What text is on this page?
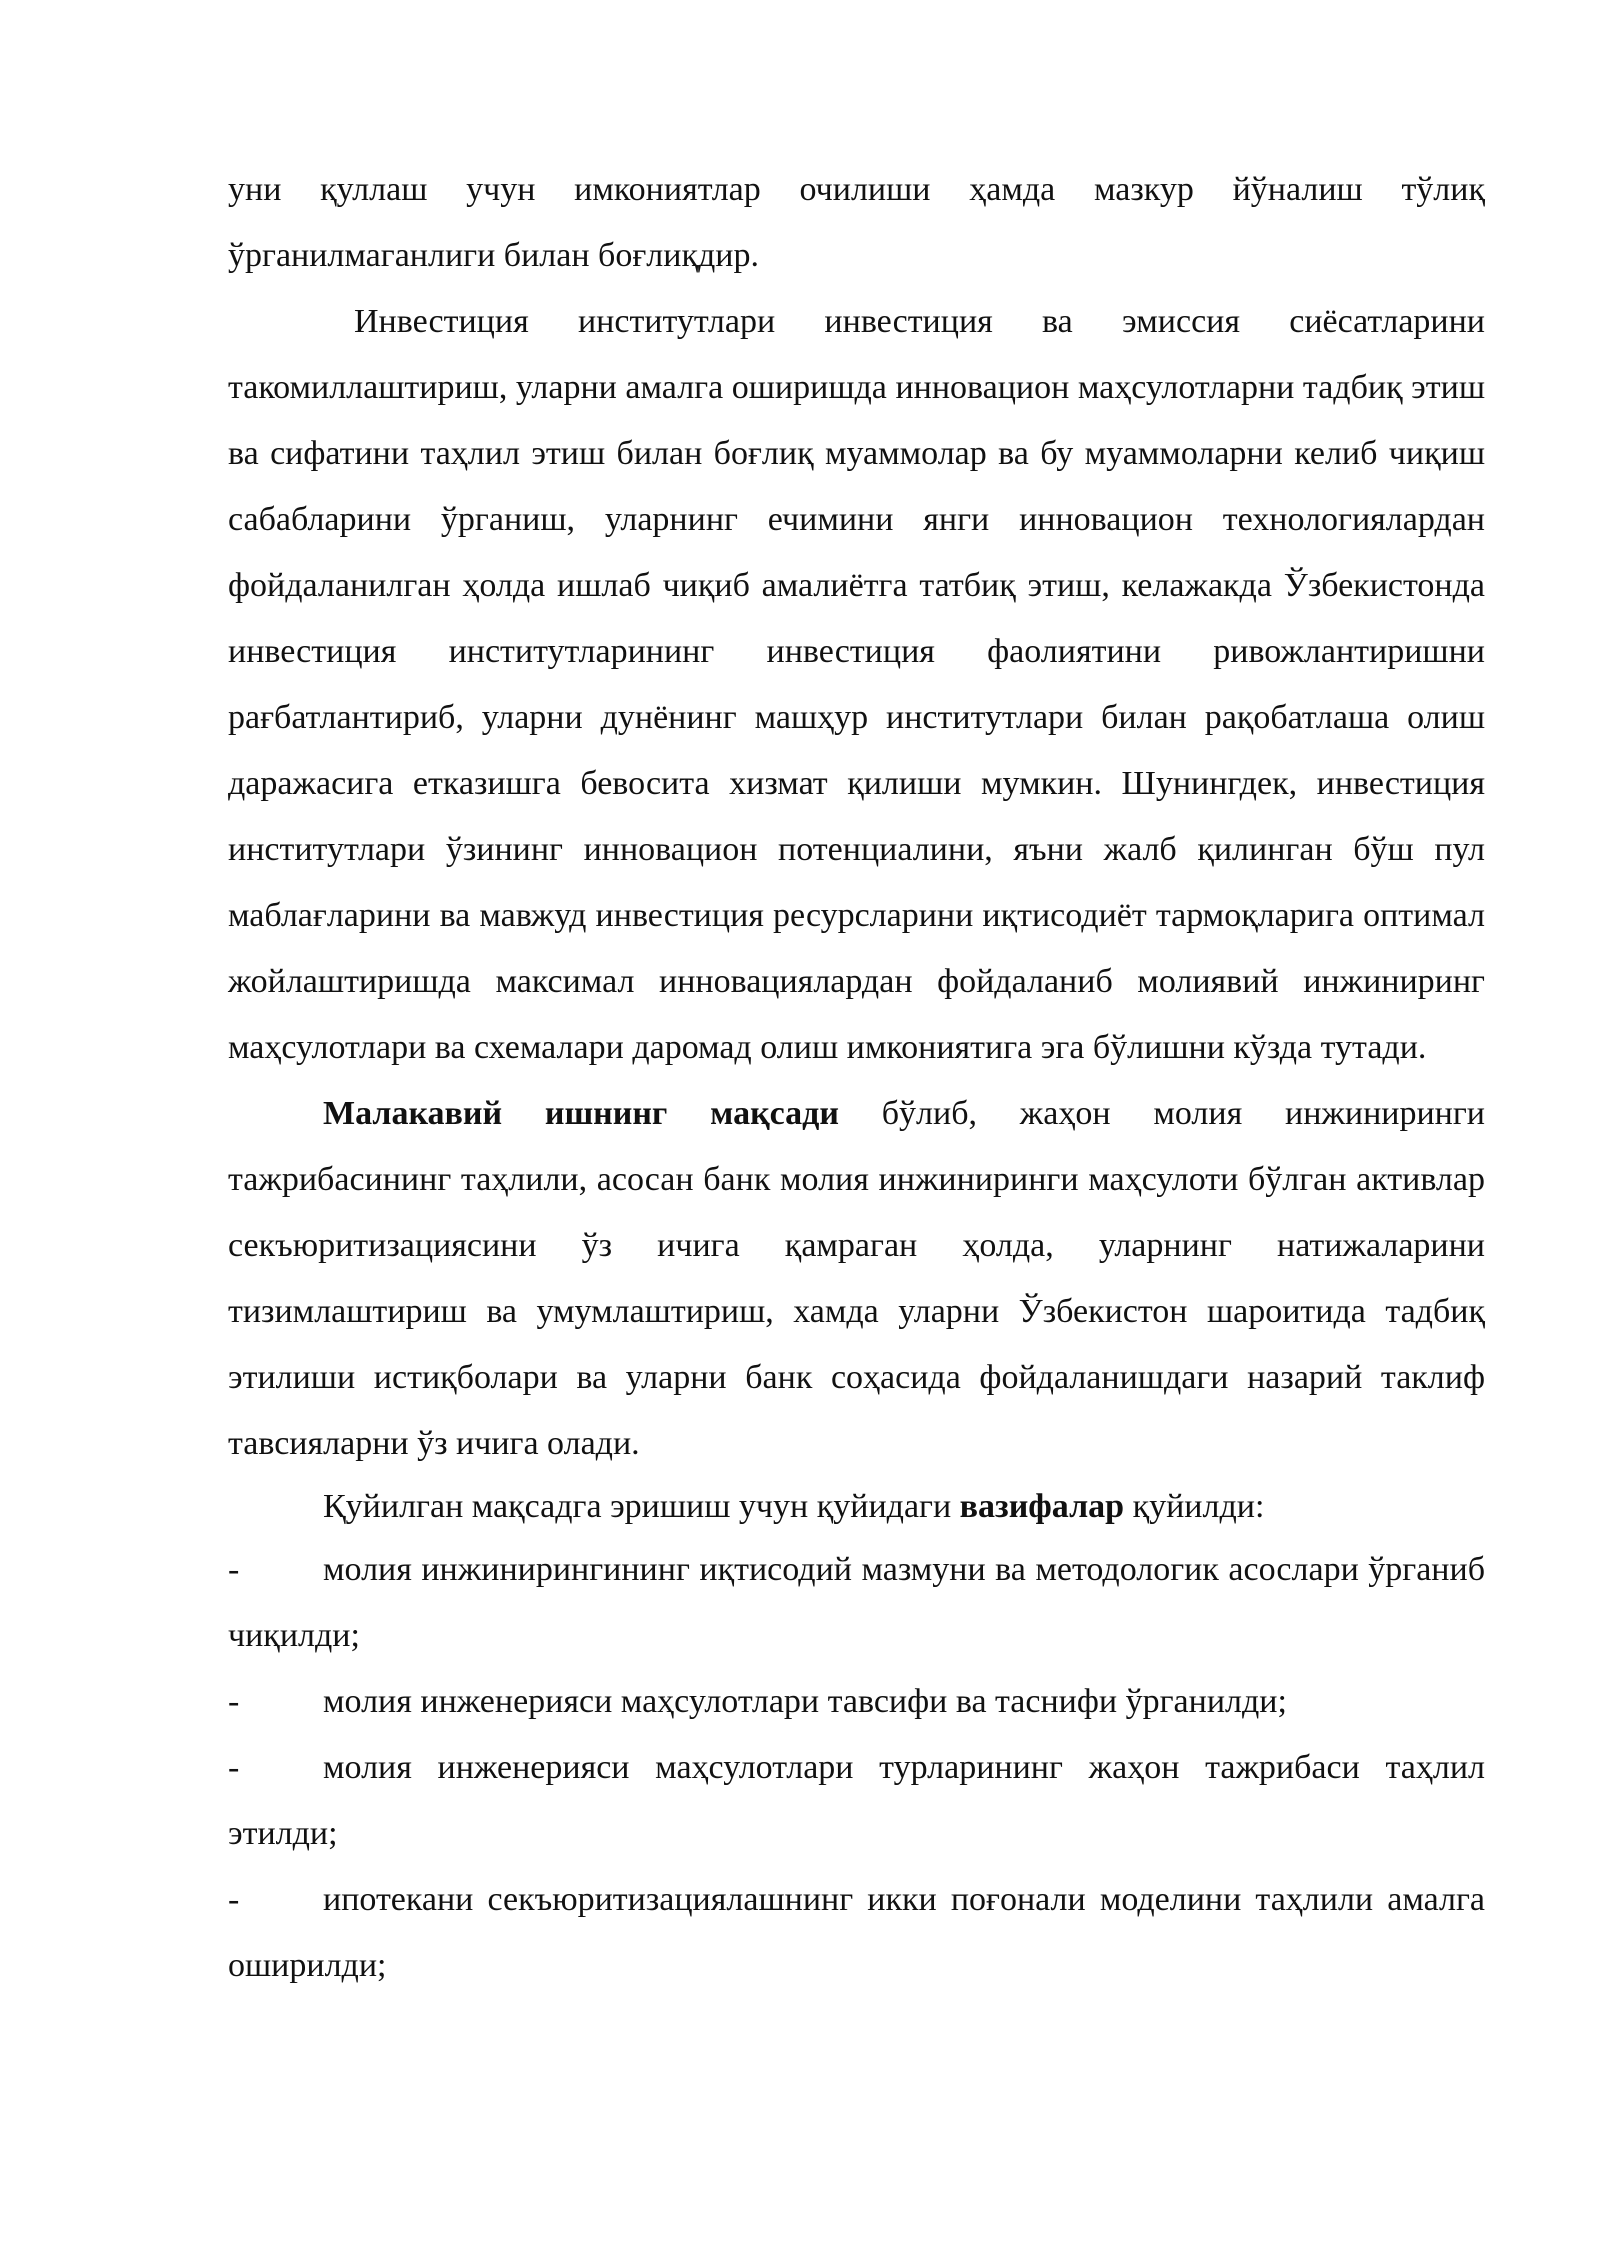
уни қуллаш учун имкониятлар очилиши ҳамда мазкур йўналиш тўлиқ ўрганилмаганлиги билан боғлиқдир.

Инвестиция институтлари инвестиция ва эмиссия сиёсатларини такомиллаштириш, уларни амалга оширишда инновацион маҳсулотларни тадбиқ этиш ва сифатини таҳлил этиш билан боғлиқ муаммолар ва бу муаммоларни келиб чиқиш сабабларини ўрганиш, уларнинг ечимини янги инновацион технологиялардан фойдаланилган ҳолда ишлаб чиқиб амалиётга татбиқ этиш, келажакда Ўзбекистонда инвестиция институтларининг инвестиция фаолиятини ривожлантиришни рағбатлантириб, уларни дунёнинг машҳур институтлари билан рақобатлаша олиш даражасига етказишга бевосита хизмат қилиши мумкин. Шунингдек, инвестиция институтлари ўзининг инновацион потенциалини, яъни жалб қилинган бўш пул маблағларини ва мавжуд инвестиция ресурсларини иқтисодиёт тармоқларига оптимал жойлаштиришда максимал инновациялардан фойдаланиб молиявий инжиниринг маҳсулотлари ва схемалари даромад олиш имкониятига эга бўлишни кўзда тутади.

Малакавий ишнинг мақсади бўлиб, жаҳон молия инжиниринги тажрибасининг таҳлили, асосан банк молия инжиниринги маҳсулоти бўлган активлар секъюритизациясини ўз ичига қамраган ҳолда, уларнинг натижаларини тизимлаштириш ва умумлаштириш, хамда уларни Ўзбекистон шароитида тадбиқ этилиши истиқболари ва уларни банк соҳасида фойдаланишдаги назарий таклиф тавсияларни ўз ичига олади.

Қуйилган мақсадга эришиш учун қуйидаги вазифалар қуйилди:

- молия инжинирингининг иқтисодий мазмуни ва методологик асослари ўрганиб чиқилди;

- молия инженерияси маҳсулотлари тавсифи ва таснифи ўрганилди;

- молия инженерияси маҳсулотлари турларининг жаҳон тажрибаси таҳлил этилди;

- ипотекани секъюритизациялашнинг икки поғонали моделини таҳлили амалга оширилди;
